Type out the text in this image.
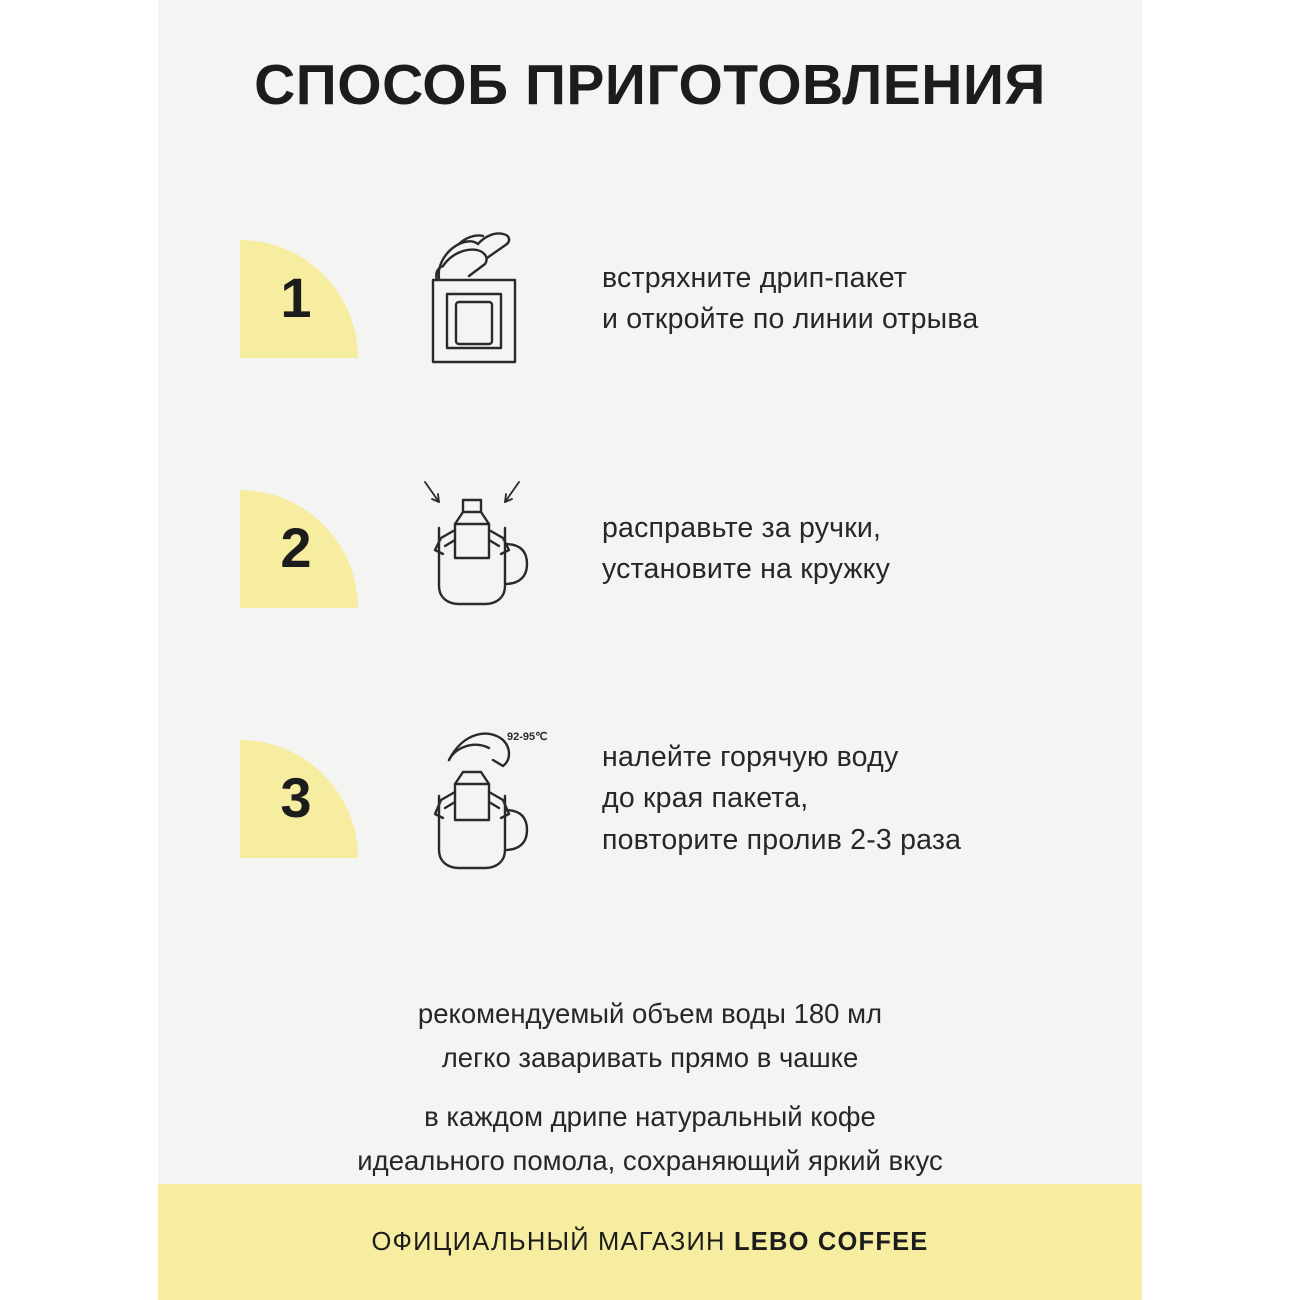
СПОСОБ ПРИГОТОВЛЕНИЯ
1	встряхните дрип-пакет
и откройте по линии отрыва
2	расправьте за ручки,
установите на кружку
3
92-95℃
налейте горячую воду
до края пакета,
повторите пролив 2-3 раза
рекомендуемый объем воды 180 мл
легко заваривать прямо в чашке
в каждом дрипе натуральный кофе
идеального помола, сохраняющий яркий вкус
ОФИЦИАЛЬНЫЙ МАГАЗИН LEBO COFFEE
